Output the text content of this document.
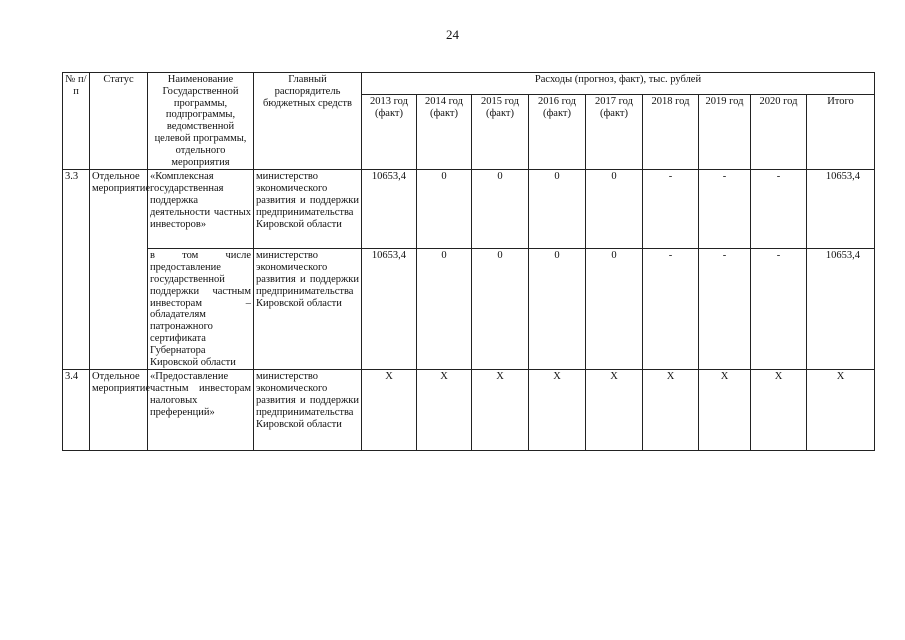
24
№ п/п	Статус	Наименование Государственной программы, подпрограммы, ведомственной целевой программы, отдельного мероприятия	Главный распорядитель бюджетных средств	Расходы (прогноз, факт), тыс. рублей								
				2013 год (факт)	2014 год (факт)	2015 год (факт)	2016 год (факт)	2017 год (факт)	2018 год	2019 год	2020 год	Итого
3.3	Отдельное мероприятие	«Комплексная государственная поддержка деятельности частных инвесторов»	министерство экономического развития и поддержки предпринимательства Кировской области	10653,4	0	0	0	0	-	-	-	10653,4
		в том числе предоставление государственной поддержки частным инвесторам – обладателям патронажного сертификата Губернатора Кировской области	министерство экономического развития и поддержки предпринимательства Кировской области	10653,4	0	0	0	0	-	-	-	10653,4
3.4	Отдельное мероприятие	«Предоставление частным инвесторам налоговых преференций»	министерство экономического развития и поддержки предпринимательства Кировской области	Х	Х	Х	Х	Х	Х	Х	Х	Х
